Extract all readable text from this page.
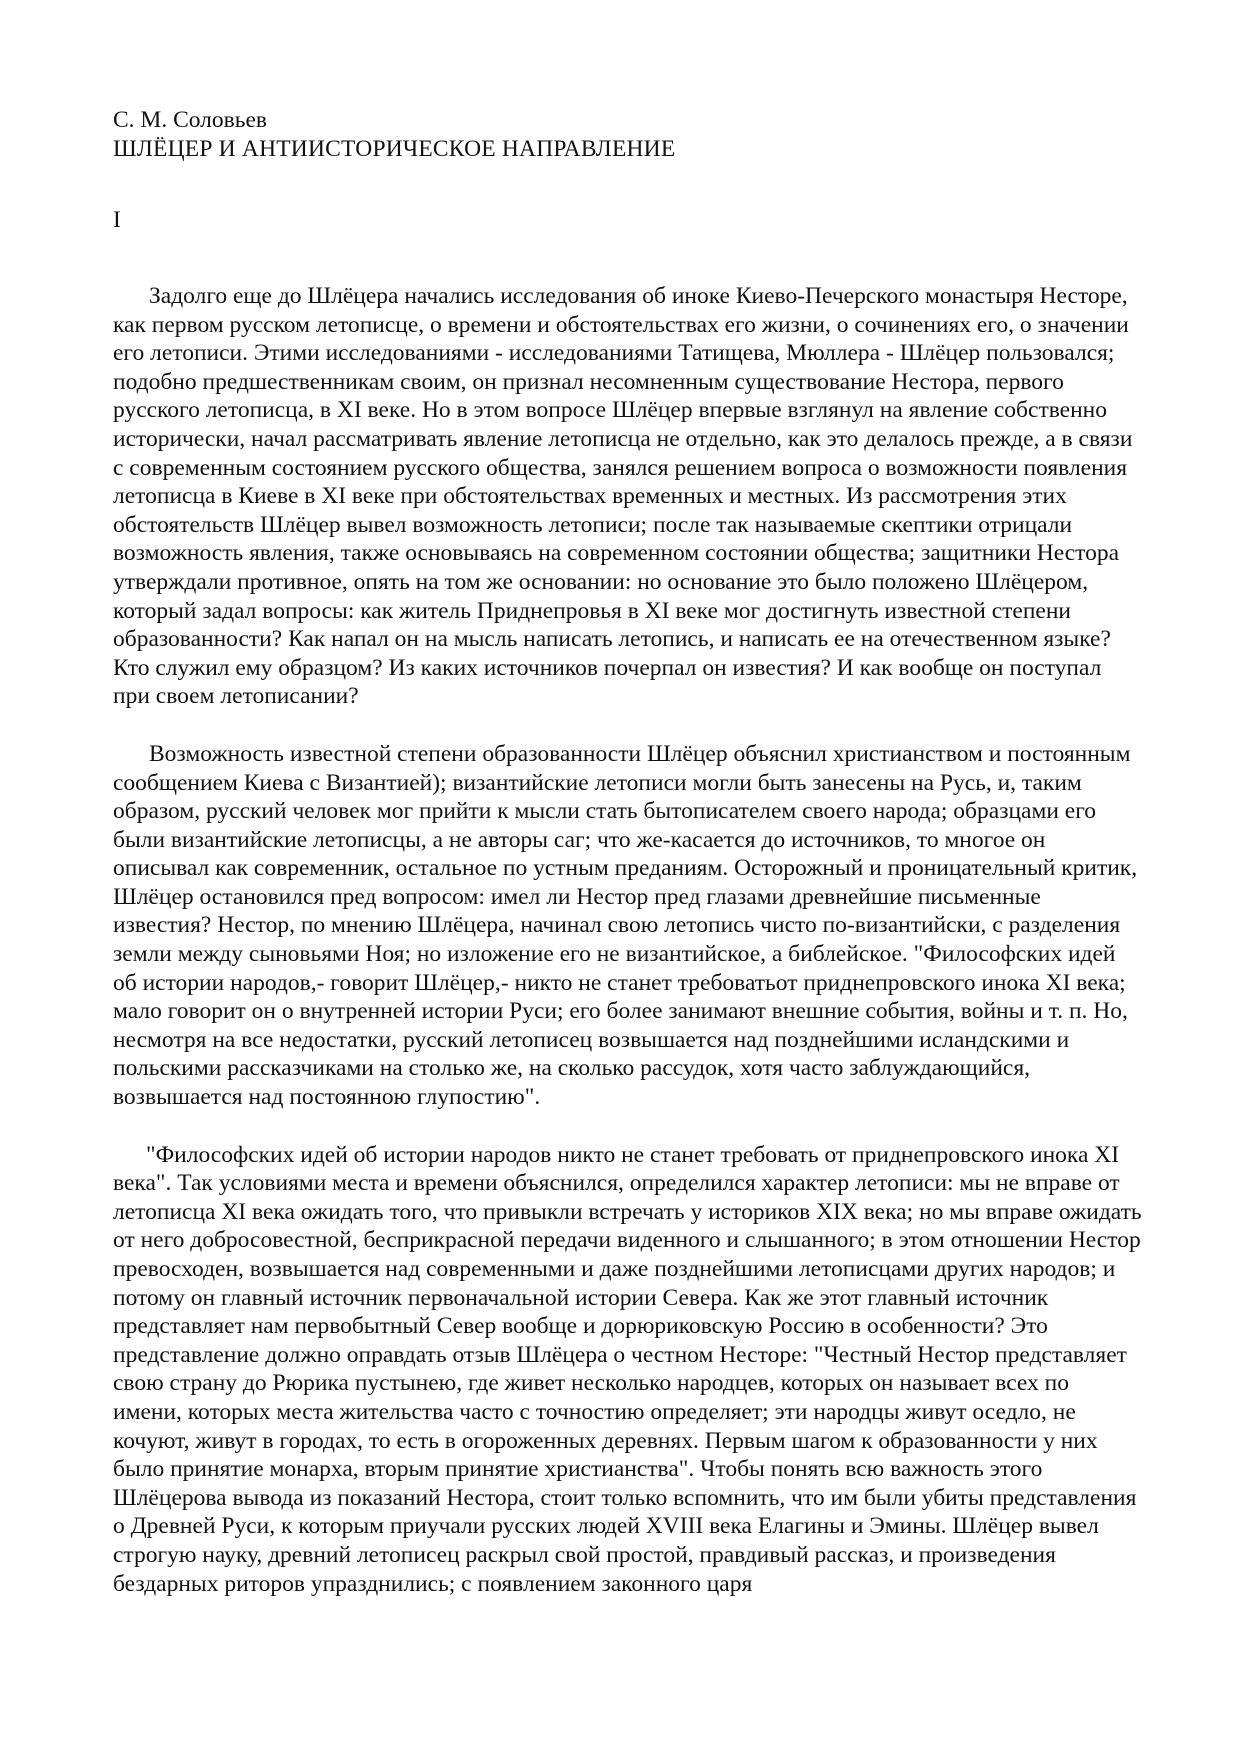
С. М. Соловьев

ШЛЁЦЕР И АНТИИСТОРИЧЕСКОЕ НАПРАВЛЕНИЕ

I

Задолго еще до Шлёцера начались исследования об иноке Киево-Печерского монастыря Несторе, как первом русском летописце, о времени и обстоятельствах его жизни, о сочинениях его, о значении его летописи. Этими исследованиями - исследованиями Татищева, Мюллера - Шлёцер пользовался; подобно предшественникам своим, он признал несомненным существование Нестора, первого русского летописца, в XI веке. Но в этом вопросе Шлёцер впервые взглянул на явление собственно исторически, начал рассматривать явление летописца не отдельно, как это делалось прежде, а в связи с современным состоянием русского общества, занялся решением вопроса о возможности появления летописца в Киеве в XI веке при обстоятельствах временных и местных. Из рассмотрения этих обстоятельств Шлёцер вывел возможность летописи; после так называемые скептики отрицали возможность явления, также основываясь на современном состоянии общества; защитники Нестора утверждали противное, опять на том же основании: но основание это было положено Шлёцером, который задал вопросы: как житель Приднепровья в XI веке мог достигнуть известной степени образованности? Как напал он на мысль написать летопись, и написать ее на отечественном языке? Кто служил ему образцом? Из каких источников почерпал он известия? И как вообще он поступал при своем летописании?

Возможность известной степени образованности Шлёцер объяснил христианством и постоянным сообщением Киева с Византией); византийские летописи могли быть занесены на Русь, и, таким образом, русский человек мог прийти к мысли стать бытописателем своего народа; образцами его были византийские летописцы, а не авторы саг; что же-касается до источников, то многое он описывал как современник, остальное по устным преданиям. Осторожный и проницательный критик, Шлёцер остановился пред вопросом: имел ли Нестор пред глазами древнейшие письменные известия? Нестор, по мнению Шлёцера, начинал свою летопись чисто по-византийски, с разделения земли между сыновьями Ноя; но изложение его не византийское, а библейское. "Философских идей об истории народов,- говорит Шлёцер,- никто не станет требоватьот приднепровского инока XI века; мало говорит он о внутренней истории Руси; его более занимают внешние события, войны и т. п. Но, несмотря на все недостатки, русский летописец возвышается над позднейшими исландскими и польскими рассказчиками на столько же, на сколько рассудок, хотя часто заблуждающийся, возвышается над постоянною глупостию".

"Философских идей об истории народов никто не станет требовать от приднепровского инока XI века". Так условиями места и времени объяснился, определился характер летописи: мы не вправе от летописца XI века ожидать того, что привыкли встречать у историков XIX века; но мы вправе ожидать от него добросовестной, бесприкрасной передачи виденного и слышанного; в этом отношении Нестор превосходен, возвышается над современными и даже позднейшими летописцами других народов; и потому он главный источник первоначальной истории Севера. Как же этот главный источник представляет нам первобытный Север вообще и дорюриковскую Россию в особенности? Это представление должно оправдать отзыв Шлёцера о честном Несторе: "Честный Нестор представляет свою страну до Рюрика пустынею, где живет несколько народцев, которых он называет всех по имени, которых места жительства часто с точностию определяет; эти народцы живут оседло, не кочуют, живут в городах, то есть в огороженных деревнях. Первым шагом к образованности у них было принятие монарха, вторым принятие христианства". Чтобы понять всю важность этого Шлёцерова вывода из показаний Нестора, стоит только вспомнить, что им были убиты представления о Древней Руси, к которым приучали русских людей XVIII века Елагины и Эмины. Шлёцер вывел строгую науку, древний летописец раскрыл свой простой, правдивый рассказ, и произведения бездарных риторов упразднились; с появлением законного царя
